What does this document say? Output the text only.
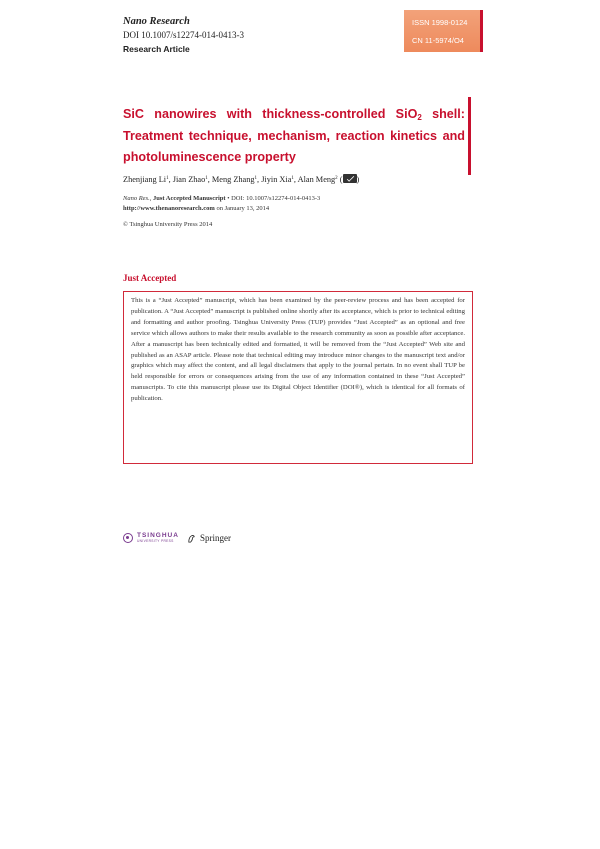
Nano Research
DOI 10.1007/s12274-014-0413-3
Research Article
ISSN 1998-0124
CN 11-5974/O4
SiC nanowires with thickness-controlled SiO$_2$ shell: Treatment technique, mechanism, reaction kinetics and
photoluminescence property
Zhenjiang Li$^1$, Jian Zhao$^1$, Meng Zhang$^1$, Jiyin Xia$^1$, Alan Meng$^2$ ( )
Nano Res., Just Accepted Manuscript • DOI: 10.1007/s12274-014-0413-3
http://www.thenanoresearch.com on January 13, 2014
© Tsinghua University Press 2014
Just Accepted

This is a “Just Accepted” manuscript, which has been examined by the peer-review process and has been accepted for publication. A “Just Accepted” manuscript is published online shortly after its acceptance, which is prior to technical editing and formatting and author proofing. Tsinghua University Press (TUP) provides “Just Accepted” as an optional and free service which allows authors to make their results available to the research community as soon as possible after acceptance. After a manuscript has been technically edited and formatted, it will be removed from the “Just Accepted” Web site and published as an ASAP article. Please note that technical editing may introduce minor changes to the manuscript text and/or graphics which may affect the content, and all legal disclaimers that apply to the journal pertain. In no event shall TUP be held responsible for errors or consequences arising from the use of any information contained in these “Just Accepted” manuscripts. To cite this manuscript please use its Digital Object Identifier (DOI®), which is identical for all formats of publication.

TSINGHUA
UNIVERSITY PRESS	Springer
